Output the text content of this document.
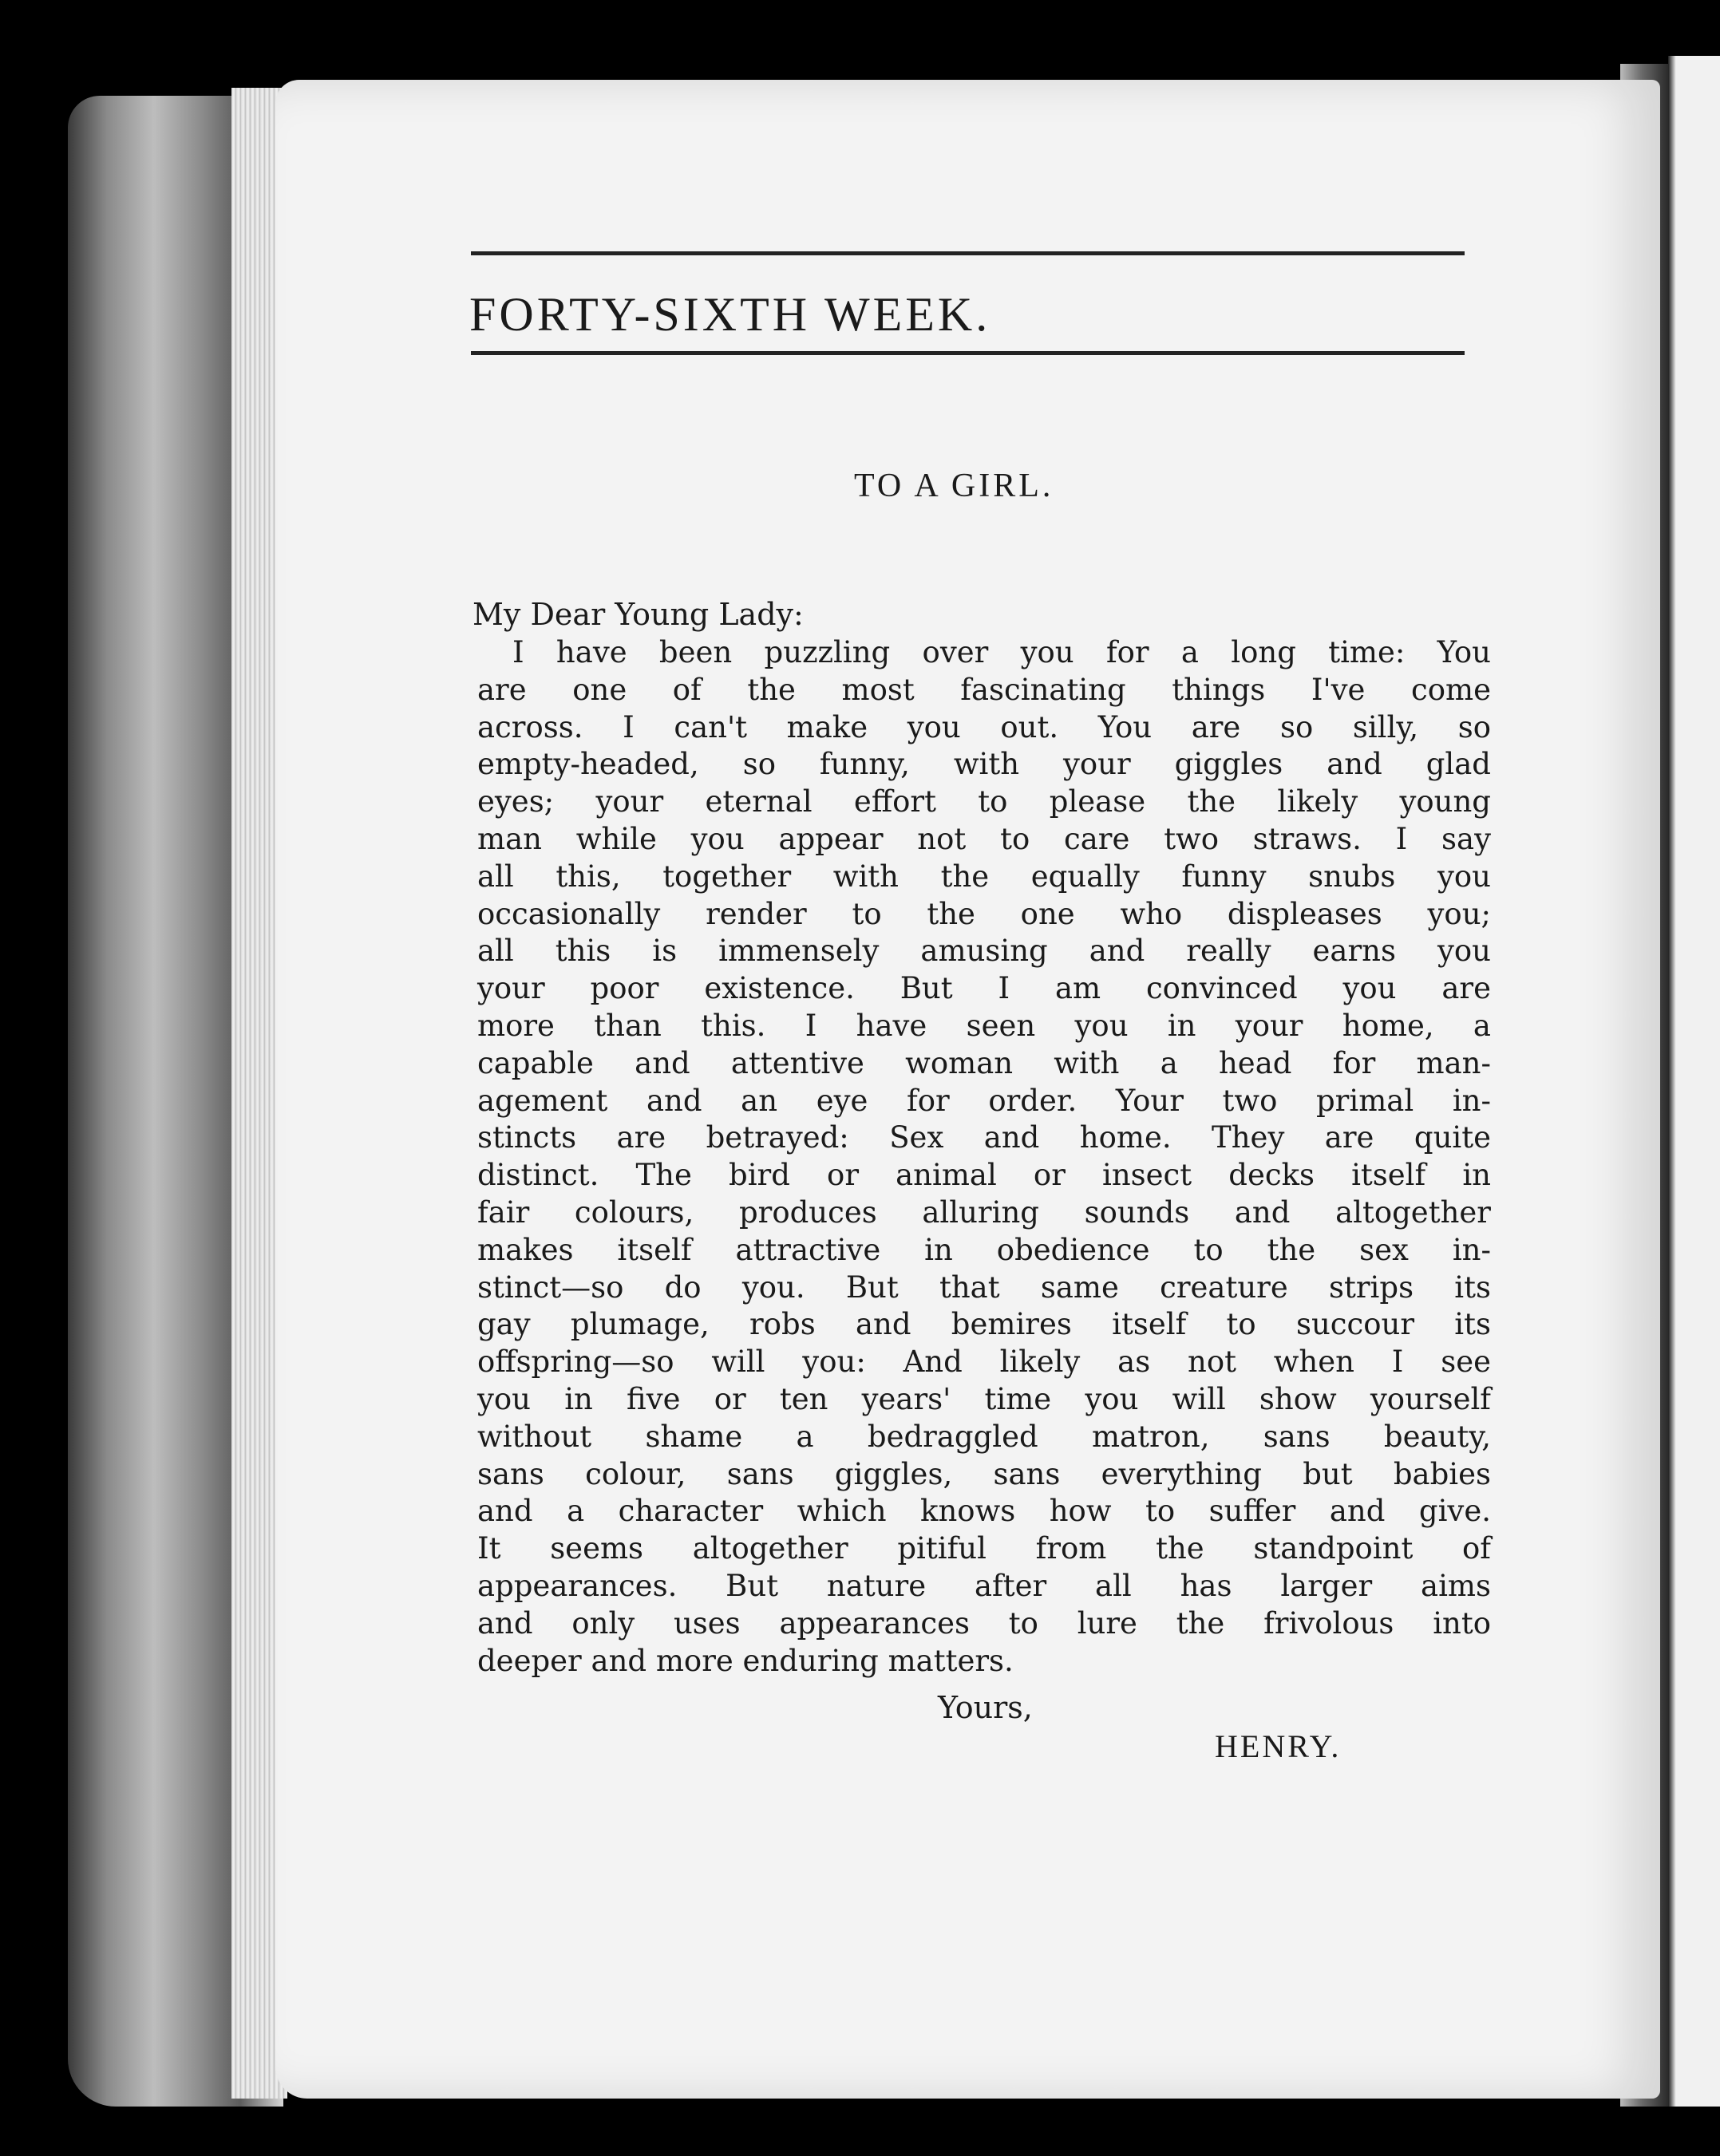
FORTY-SIXTH WEEK.
TO A GIRL.
My Dear Young Lady:
I have been puzzling over you for a long time: You
are one of the most fascinating things I've come
across. I can't make you out. You are so silly, so
empty-headed, so funny, with your giggles and glad
eyes; your eternal effort to please the likely young
man while you appear not to care two straws. I say
all this, together with the equally funny snubs you
occasionally render to the one who displeases you;
all this is immensely amusing and really earns you
your poor existence. But I am convinced you are
more than this. I have seen you in your home, a
capable and attentive woman with a head for man-
agement and an eye for order. Your two primal in-
stincts are betrayed: Sex and home. They are quite
distinct. The bird or animal or insect decks itself in
fair colours, produces alluring sounds and altogether
makes itself attractive in obedience to the sex in-
stinct—so do you. But that same creature strips its
gay plumage, robs and bemires itself to succour its
offspring—so will you: And likely as not when I see
you in five or ten years' time you will show yourself
without shame a bedraggled matron, sans beauty,
sans colour, sans giggles, sans everything but babies
and a character which knows how to suffer and give.
It seems altogether pitiful from the standpoint of
appearances. But nature after all has larger aims
and only uses appearances to lure the frivolous into
deeper and more enduring matters.
Yours,
HENRY.
